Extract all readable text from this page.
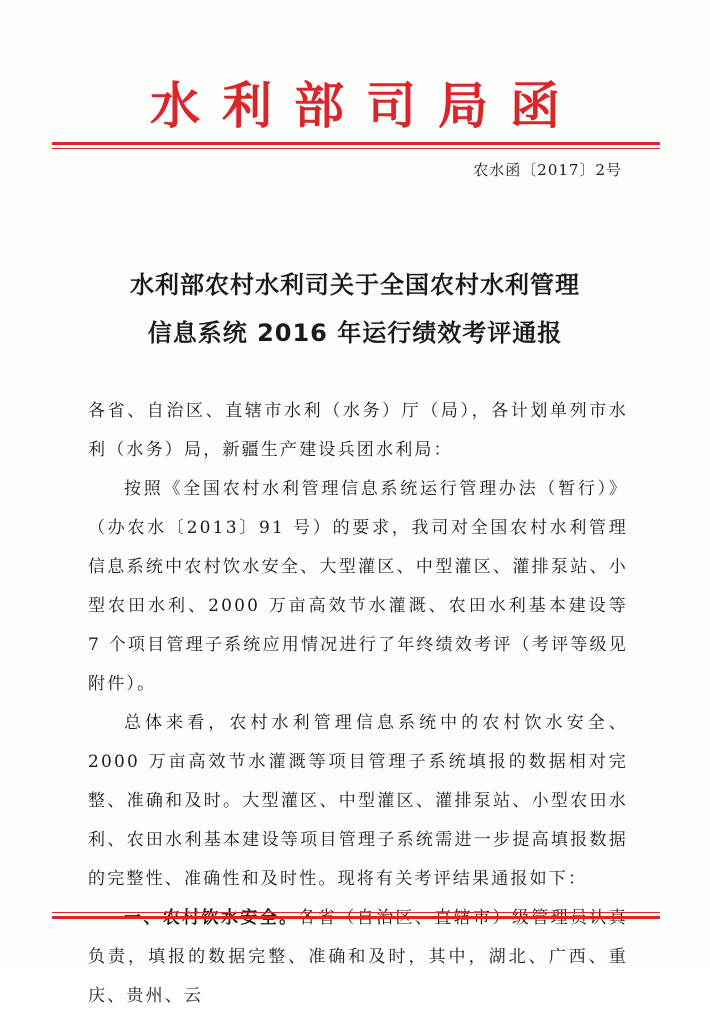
水利部司局函
农水函〔2017〕2号
水利部农村水利司关于全国农村水利管理
信息系统 2016 年运行绩效考评通报

各省、自治区、直辖市水利（水务）厅（局），各计划单列市水利（水务）局，新疆生产建设兵团水利局：

按照《全国农村水利管理信息系统运行管理办法（暂行）》（办农水〔2013〕91 号）的要求，我司对全国农村水利管理信息系统中农村饮水安全、大型灌区、中型灌区、灌排泵站、小型农田水利、2000 万亩高效节水灌溉、农田水利基本建设等 7 个项目管理子系统应用情况进行了年终绩效考评（考评等级见附件）。

总体来看，农村水利管理信息系统中的农村饮水安全、2000 万亩高效节水灌溉等项目管理子系统填报的数据相对完整、准确和及时。大型灌区、中型灌区、灌排泵站、小型农田水利、农田水利基本建设等项目管理子系统需进一步提高填报数据的完整性、准确性和及时性。现将有关考评结果通报如下：

负责，填报的数据完整、准确和及时，其中，湖北、广西、重庆、贵州、云
